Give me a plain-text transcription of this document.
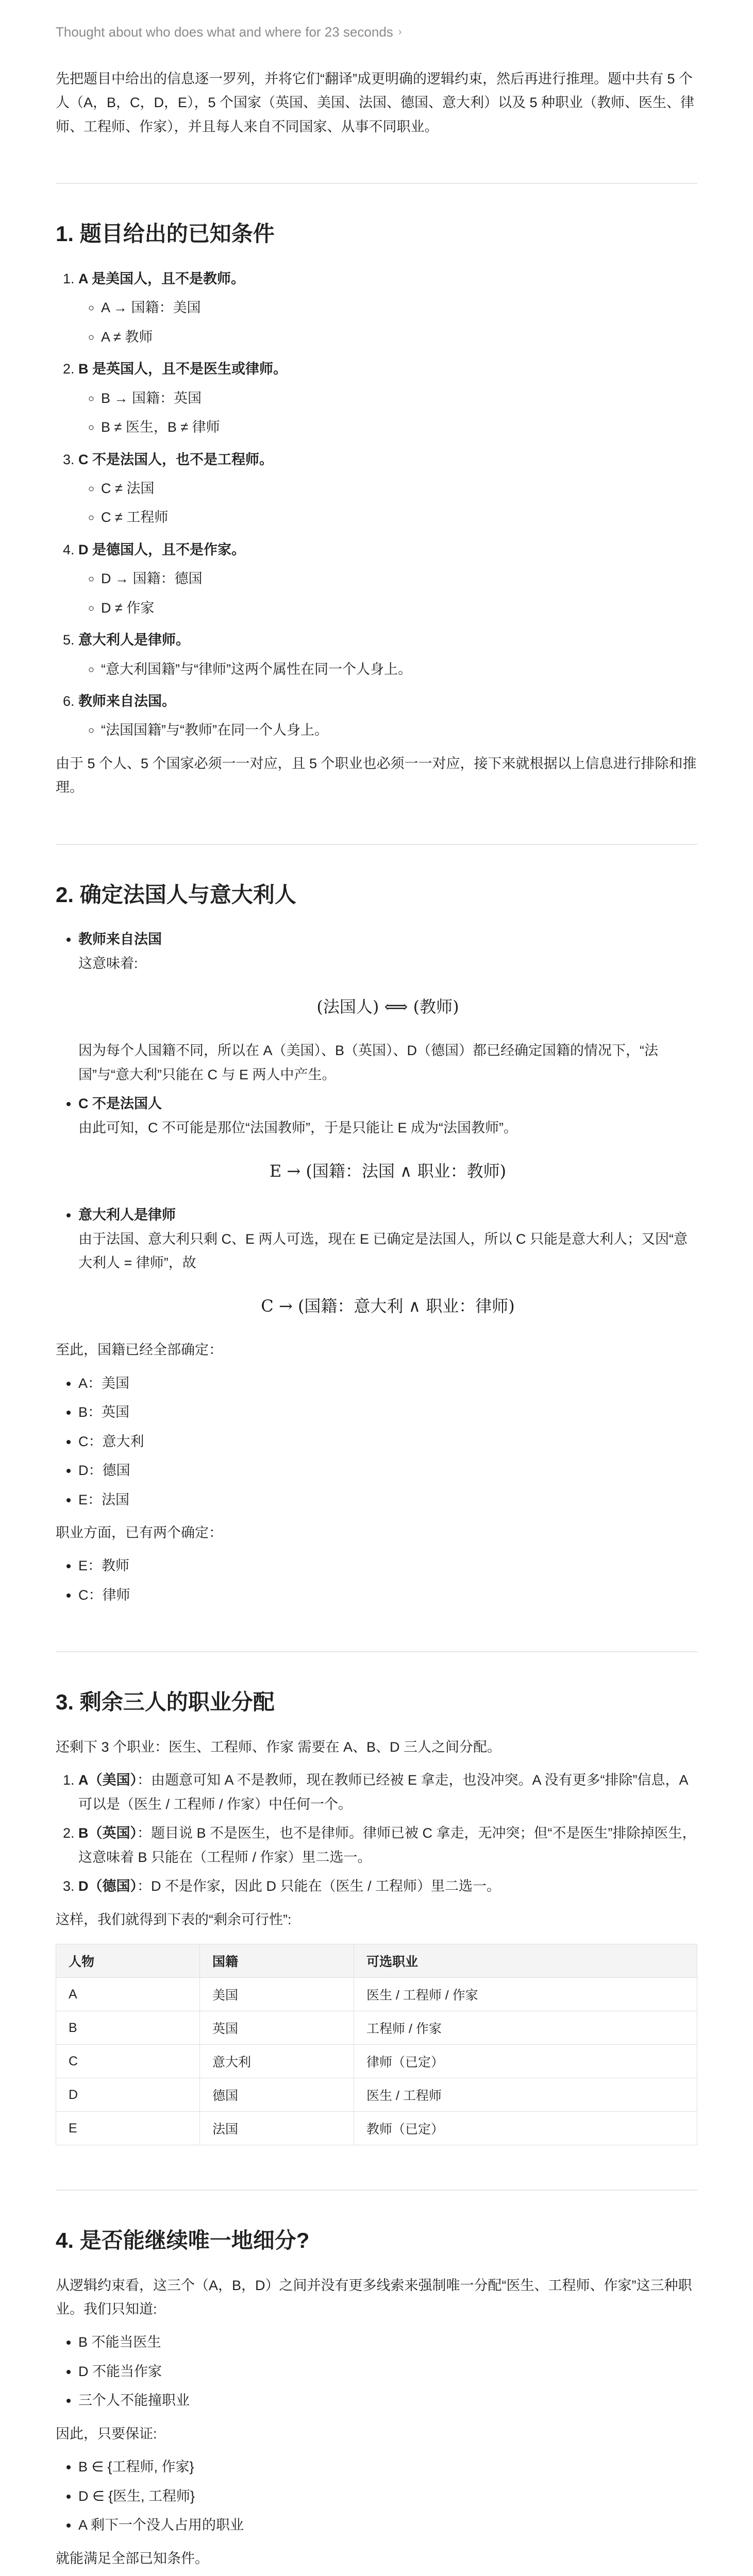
Thought about who does what and where for 23 seconds ›

先把题目中给出的信息逐一罗列，并将它们“翻译”成更明确的逻辑约束，然后再进行推理。题中共有 5 个人（A，B，C，D，E），5 个国家（英国、美国、法国、德国、意大利）以及 5 种职业（教师、医生、律师、工程师、作家），并且每人来自不同国家、从事不同职业。

1. 题目给出的已知条件
1. A 是美国人，且不是教师。
◦ A → 国籍：美国
◦ A ≠ 教师
2. B 是英国人，且不是医生或律师。
◦ B → 国籍：英国
◦ B ≠ 医生，B ≠ 律师
3. C 不是法国人，也不是工程师。
◦ C ≠ 法国
◦ C ≠ 工程师
4. D 是德国人，且不是作家。
◦ D → 国籍：德国
◦ D ≠ 作家
5. 意大利人是律师。
◦ “意大利国籍”与“律师”这两个属性在同一个人身上。
6. 教师来自法国。
◦ “法国国籍”与“教师”在同一个人身上。

由于 5 个人、5 个国家必须一一对应，且 5 个职业也必须一一对应，接下来就根据以上信息进行排除和推理。

2. 确定法国人与意大利人
• 教师来自法国
这意味着:
(法国人) ⟺ (教师)
因为每个人国籍不同，所以在 A（美国）、B（英国）、D（德国）都已经确定国籍的情况下，“法国”与“意大利”只能在 C 与 E 两人中产生。
• C 不是法国人
由此可知，C 不可能是那位“法国教师”，于是只能让 E 成为“法国教师”。
E → (国籍：法国 ∧ 职业：教师)
• 意大利人是律师
由于法国、意大利只剩 C、E 两人可选，现在 E 已确定是法国人，所以 C 只能是意大利人；又因“意大利人 = 律师”，故
C → (国籍：意大利 ∧ 职业：律师)

至此，国籍已经全部确定：

• A：美国
• B：英国
• C：意大利
• D：德国
• E：法国

职业方面，已有两个确定：

• E：教师
• C：律师
3. 剩余三人的职业分配

还剩下 3 个职业：医生、工程师、作家 需要在 A、B、D 三人之间分配。

1. A（美国）：由题意可知 A 不是教师，现在教师已经被 E 拿走，也没冲突。A 没有更多“排除”信息，A 可以是（医生 / 工程师 / 作家）中任何一个。
2. B（英国）：题目说 B 不是医生，也不是律师。律师已被 C 拿走，无冲突；但“不是医生”排除掉医生，这意味着 B 只能在（工程师 / 作家）里二选一。
3. D（德国）：D 不是作家，因此 D 只能在（医生 / 工程师）里二选一。

这样，我们就得到下表的“剩余可行性”:

人物	国籍	可选职业
A	美国	医生 / 工程师 / 作家
B	英国	工程师 / 作家
C	意大利	律师（已定）
D	德国	医生 / 工程师
E	法国	教师（已定）
4. 是否能继续唯一地细分?

从逻辑约束看，这三个（A，B，D）之间并没有更多线索来强制唯一分配“医生、工程师、作家”这三种职业。我们只知道:

• B 不能当医生
• D 不能当作家
• 三个人不能撞职业

因此，只要保证:

• B ∈ {工程师, 作家}
• D ∈ {医生, 工程师}
• A 剩下一个没人占用的职业

就能满足全部已知条件。
